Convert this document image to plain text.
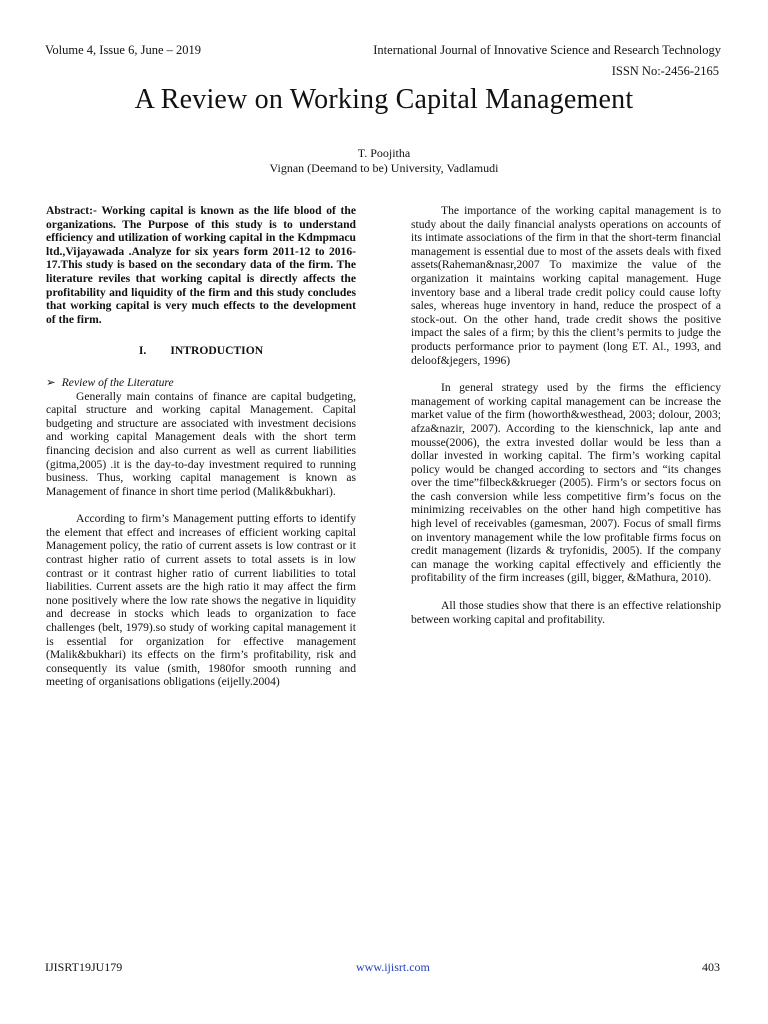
Volume 4, Issue 6, June – 2019	International Journal of Innovative Science and Research Technology
ISSN No:-2456-2165
A Review on Working Capital Management
T. Poojitha
Vignan (Deemand to be) University, Vadlamudi

Abstract:- Working capital is known as the life blood of the organizations. The Purpose of this study is to understand efficiency and utilization of working capital in the Kdmpmacu ltd.,Vijayawada .Analyze for six years form 2011-12 to 2016-17.This study is based on the secondary data of the firm. The literature reviles that working capital is directly affects the profitability and liquidity of the firm and this study concludes that working capital is very much effects to the development of the firm.

I. INTRODUCTION

➢ Review of the Literature

Generally main contains of finance are capital budgeting, capital structure and working capital Management. Capital budgeting and structure are associated with investment decisions and working capital Management deals with the short term financing decision and also current as well as current liabilities (gitma,2005) .it is the day-to-day investment required to running business. Thus, working capital management is known as Management of finance in short time period (Malik&bukhari).

According to firm’s Management putting efforts to identify the element that effect and increases of efficient working capital Management policy, the ratio of current assets is low contrast or it contrast higher ratio of current assets to total assets is in low contrast or it contrast higher ratio of current liabilities to total liabilities. Current assets are the high ratio it may affect the firm none positively where the low rate shows the negative in liquidity and decrease in stocks which leads to organization to face challenges (belt, 1979).so study of working capital management it is essential for organization for effective management (Malik&bukhari) its effects on the firm’s profitability, risk and consequently its value (smith, 1980for smooth running and meeting of organisations obligations (eijelly.2004)

The importance of the working capital management is to study about the daily financial analysts operations on accounts of its intimate associations of the firm in that the short-term financial management is essential due to most of the assets deals with fixed assets(Raheman&nasr,2007 To maximize the value of the organization it maintains working capital management. Huge inventory base and a liberal trade credit policy could cause lofty sales, whereas huge inventory in hand, reduce the prospect of a stock-out. On the other hand, trade credit shows the positive impact the sales of a firm; by this the client’s permits to judge the products performance prior to payment (long ET. Al., 1993, and deloof&jegers, 1996)

In general strategy used by the firms the efficiency management of working capital management can be increase the market value of the firm (howorth&westhead, 2003; dolour, 2003; afza&nazir, 2007). According to the kienschnick, lap ante and mousse(2006), the extra invested dollar would be less than a dollar invested in working capital. The firm’s working capital policy would be changed according to sectors and “its changes over the time”filbeck&krueger (2005). Firm’s or sectors focus on the cash conversion while less competitive firm’s focus on the minimizing receivables on the other hand high competitive has high level of receivables (gamesman, 2007). Focus of small firms on inventory management while the low profitable firms focus on credit management (lizards & tryfonidis, 2005). If the company can manage the working capital effectively and efficiently the profitability of the firm increases (gill, bigger, &Mathura, 2010).

All those studies show that there is an effective relationship between working capital and profitability.

IJISRT19JU179	www.ijisrt.com	403
